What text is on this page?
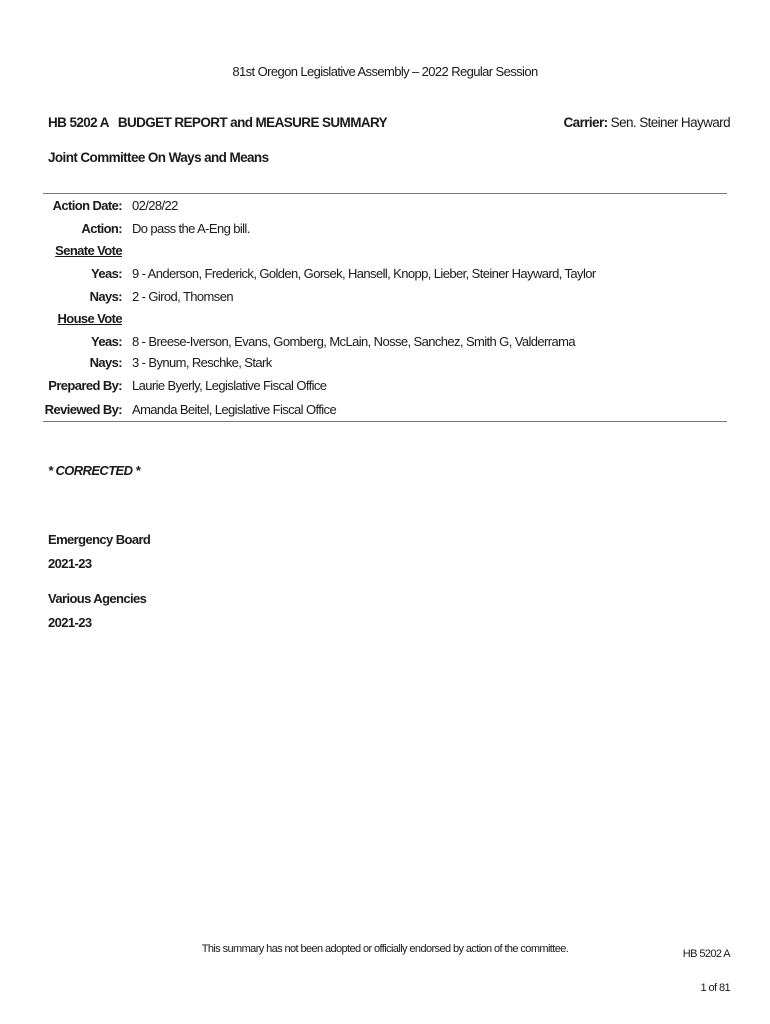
81st Oregon Legislative Assembly – 2022 Regular Session
HB 5202 A   BUDGET REPORT and MEASURE SUMMARY	Carrier: Sen. Steiner Hayward
Joint Committee On Ways and Means
Action Date: 02/28/22
Action: Do pass the A-Eng bill.
Senate Vote
Yeas: 9 - Anderson, Frederick, Golden, Gorsek, Hansell, Knopp, Lieber, Steiner Hayward, Taylor
Nays: 2 - Girod, Thomsen
House Vote
Yeas: 8 - Breese-Iverson, Evans, Gomberg, McLain, Nosse, Sanchez, Smith G, Valderrama
Nays: 3 - Bynum, Reschke, Stark
Prepared By: Laurie Byerly, Legislative Fiscal Office
Reviewed By: Amanda Beitel, Legislative Fiscal Office
* CORRECTED *
Emergency Board
2021-23
Various Agencies
2021-23
This summary has not been adopted or officially endorsed by action of the committee.	HB 5202 A
1 of 81
